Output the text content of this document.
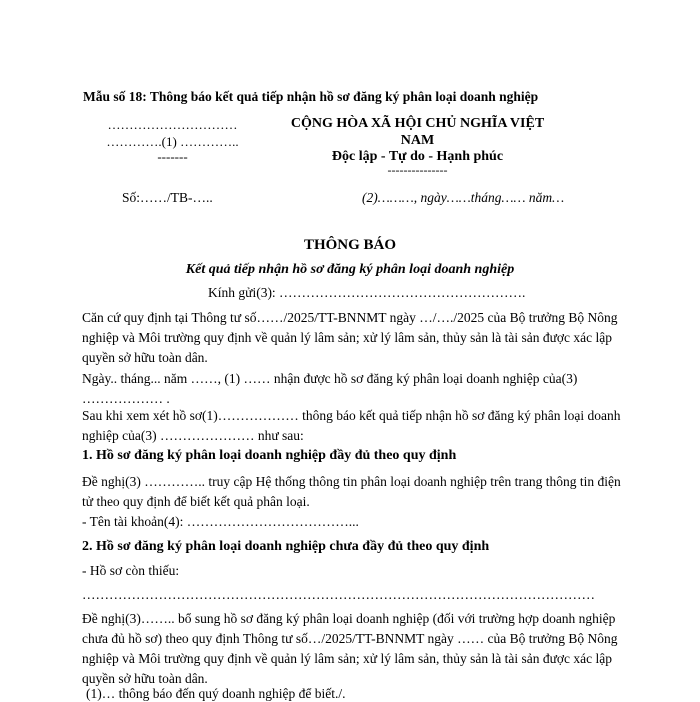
Mẫu số 18: Thông báo kết quả tiếp nhận hồ sơ đăng ký phân loại doanh nghiệp
…………………………
………….(1) …………..
-------
CỘNG HÒA XÃ HỘI CHỦ NGHĨA VIỆT NAM
Độc lập - Tự do - Hạnh phúc
---------------
Số:……/TB-…..	(2)………, ngày……tháng…… năm…
THÔNG BÁO
Kết quả tiếp nhận hồ sơ đăng ký phân loại doanh nghiệp
Kính gửi(3): ……………………………………………….
Căn cứ quy định tại Thông tư số……/2025/TT-BNNMT ngày …/…./2025 của Bộ trưởng Bộ Nông nghiệp và Môi trường quy định về quản lý lâm sản; xử lý lâm sản, thủy sản là tài sản được xác lập quyền sở hữu toàn dân.
Ngày.. tháng... năm ……, (1) …… nhận được hồ sơ đăng ký phân loại doanh nghiệp của(3) ……………… .
Sau khi xem xét hồ sơ(1)……………… thông báo kết quả tiếp nhận hồ sơ đăng ký phân loại doanh nghiệp của(3) ………………… như sau:
1. Hồ sơ đăng ký phân loại doanh nghiệp đầy đủ theo quy định
Đề nghị(3) ………….. truy cập Hệ thống thông tin phân loại doanh nghiệp trên trang thông tin điện tử theo quy định để biết kết quả phân loại.
- Tên tài khoản(4): ………………………………...
2. Hồ sơ đăng ký phân loại doanh nghiệp chưa đầy đủ theo quy định
- Hồ sơ còn thiếu:
……………………………………………………………………………………………………
Đề nghị(3)…….. bổ sung hồ sơ đăng ký phân loại doanh nghiệp (đối với trường hợp doanh nghiệp chưa đủ hồ sơ) theo quy định Thông tư số…/2025/TT-BNNMT ngày …… của Bộ trưởng Bộ Nông nghiệp và Môi trường quy định về quản lý lâm sản; xử lý lâm sản, thủy sản là tài sản được xác lập quyền sở hữu toàn dân.
(1)… thông báo đến quý doanh nghiệp để biết./.
